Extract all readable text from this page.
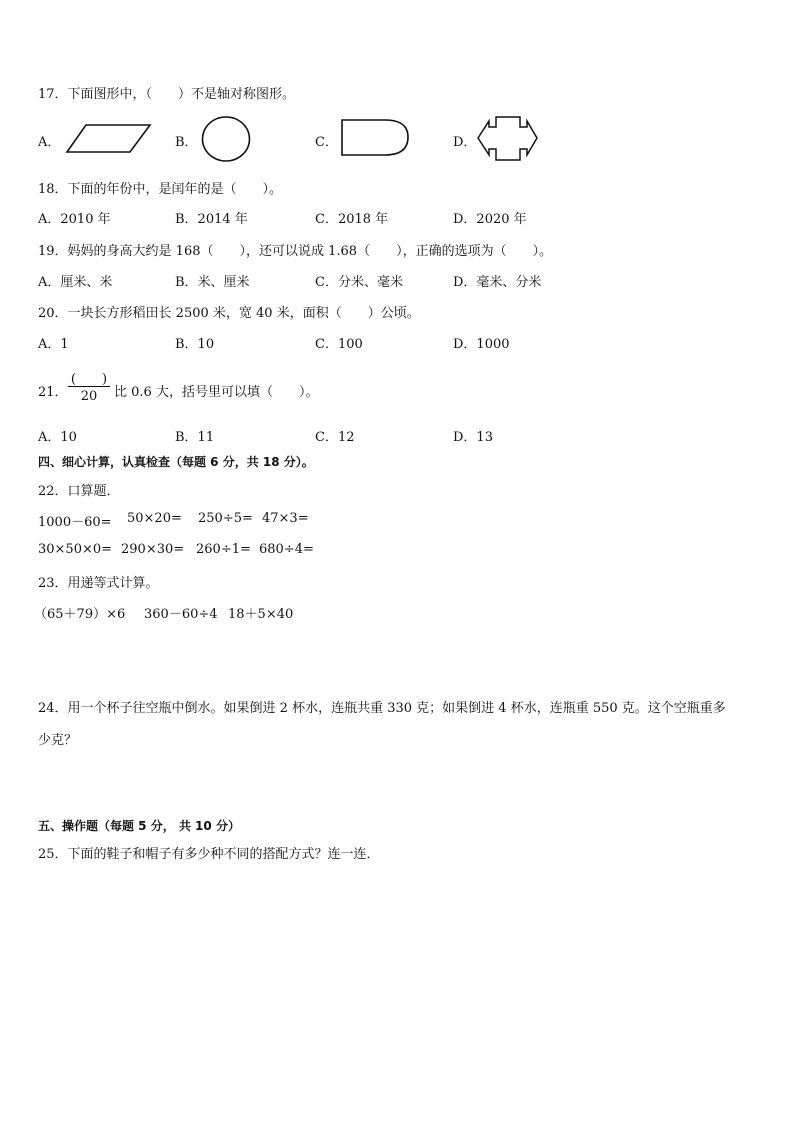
17．下面图形中，（　　）不是轴对称图形。
A．	B．	C．	D．
18．下面的年份中，是闰年的是（　　）。
A．2010 年	B．2014 年	C．2018 年	D．2020 年
19．妈妈的身高大约是 168（　　），还可以说成 1.68（　　），正确的选项为（　　）。
A．厘米、米	B．米、厘米	C．分米、毫米	D．毫米、分米
20．一块长方形稻田长 2500 米，宽 40 米，面积（　　）公顷。
A．1	B．10	C．100	D．1000
21．
(　　)
20	比 0.6 大，括号里可以填（　　）。
A．10	B．11	C．12	D．13
四、细心计算，认真检查（每题 6 分，共 18 分）。
22．口算题．
1000－60= 50×20= 250÷5= 47×3=
30×50×0= 290×30= 260÷1= 680÷4=
23．用递等式计算。
（65＋79）×6 360－60÷4 18＋5×40
24．用一个杯子往空瓶中倒水。如果倒进 2 杯水，连瓶共重 330 克；如果倒进 4 杯水，连瓶重 550 克。这个空瓶重多
少克？
五、操作题（每题 5 分， 共 10 分）
25．下面的鞋子和帽子有多少种不同的搭配方式？连一连．
